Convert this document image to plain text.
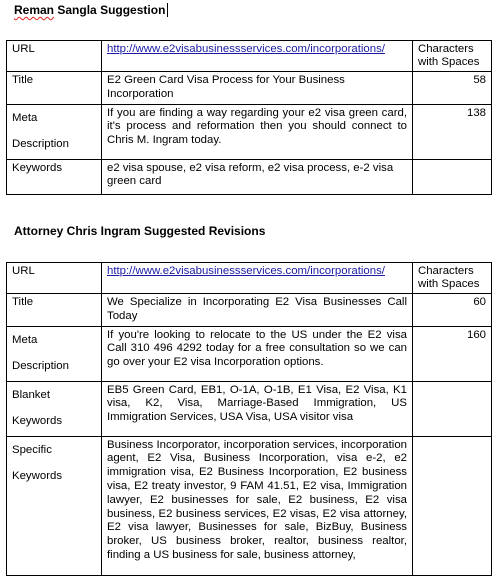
Reman Sangla Suggestion
URL	http://www.e2visabusinessservices.com/incorporations/	Characters with Spaces
Title	E2 Green Card Visa Process for Your Business Incorporation	58
Meta Description	If you are finding a way regarding your e2 visa green card, it's process and reformation then you should connect to Chris M. Ingram today.	138
Keywords	e2 visa spouse, e2 visa reform, e2 visa process, e-2 visa green card	
Attorney Chris Ingram Suggested Revisions
URL	http://www.e2visabusinessservices.com/incorporations/	Characters with Spaces
Title	We Specialize in Incorporating E2 Visa Businesses Call Today	60
Meta Description	If you're looking to relocate to the US under the E2 visa Call 310 496 4292 today for a free consultation so we can go over your E2 visa Incorporation options.	160
Blanket Keywords	EB5 Green Card, EB1, O-1A, O-1B, E1 Visa, E2 Visa, K1 visa, K2, Visa, Marriage-Based Immigration, US Immigration Services, USA Visa, USA visitor visa	
Specific Keywords	Business Incorporator, incorporation services, incorporation agent, E2 Visa, Business Incorporation, visa e-2, e2 immigration visa, E2 Business Incorporation, E2 business visa, E2 treaty investor, 9 FAM 41.51, E2 visa, Immigration lawyer, E2 businesses for sale, E2 business, E2 visa business, E2 business services, E2 visas, E2 visa attorney, E2 visa lawyer, Businesses for sale, BizBuy, Business broker, US business broker, realtor, business realtor, finding a US business for sale, business attorney,	
